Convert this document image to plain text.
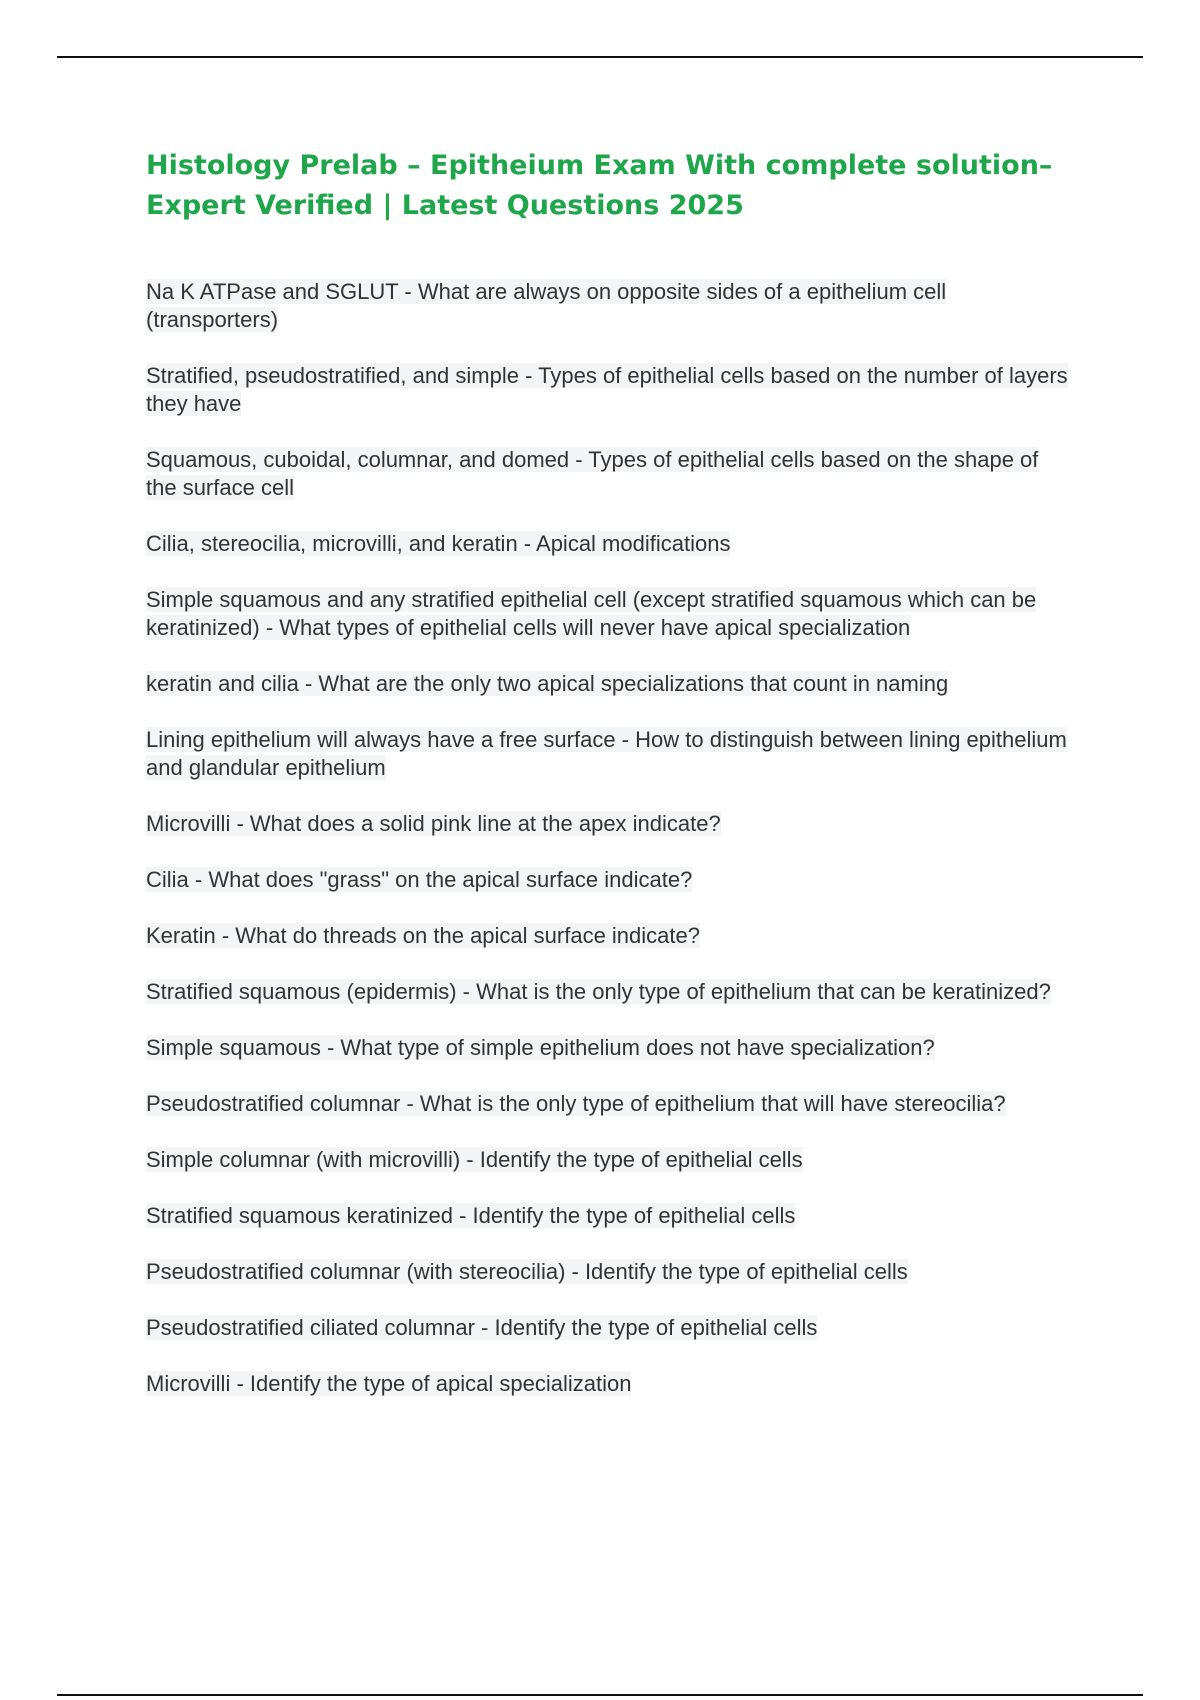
Histology Prelab – Epitheium Exam With complete solution– Expert Verified | Latest Questions 2025
Na K ATPase and SGLUT - What are always on opposite sides of a epithelium cell (transporters)
Stratified, pseudostratified, and simple - Types of epithelial cells based on the number of layers they have
Squamous, cuboidal, columnar, and domed - Types of epithelial cells based on the shape of the surface cell
Cilia, stereocilia, microvilli, and keratin - Apical modifications
Simple squamous and any stratified epithelial cell (except stratified squamous which can be keratinized) - What types of epithelial cells will never have apical specialization
keratin and cilia - What are the only two apical specializations that count in naming
Lining epithelium will always have a free surface - How to distinguish between lining epithelium and glandular epithelium
Microvilli - What does a solid pink line at the apex indicate?
Cilia - What does "grass" on the apical surface indicate?
Keratin - What do threads on the apical surface indicate?
Stratified squamous (epidermis) - What is the only type of epithelium that can be keratinized?
Simple squamous - What type of simple epithelium does not have specialization?
Pseudostratified columnar - What is the only type of epithelium that will have stereocilia?
Simple columnar (with microvilli) - Identify the type of epithelial cells
Stratified squamous keratinized - Identify the type of epithelial cells
Pseudostratified columnar (with stereocilia) - Identify the type of epithelial cells
Pseudostratified ciliated columnar - Identify the type of epithelial cells
Microvilli - Identify the type of apical specialization
